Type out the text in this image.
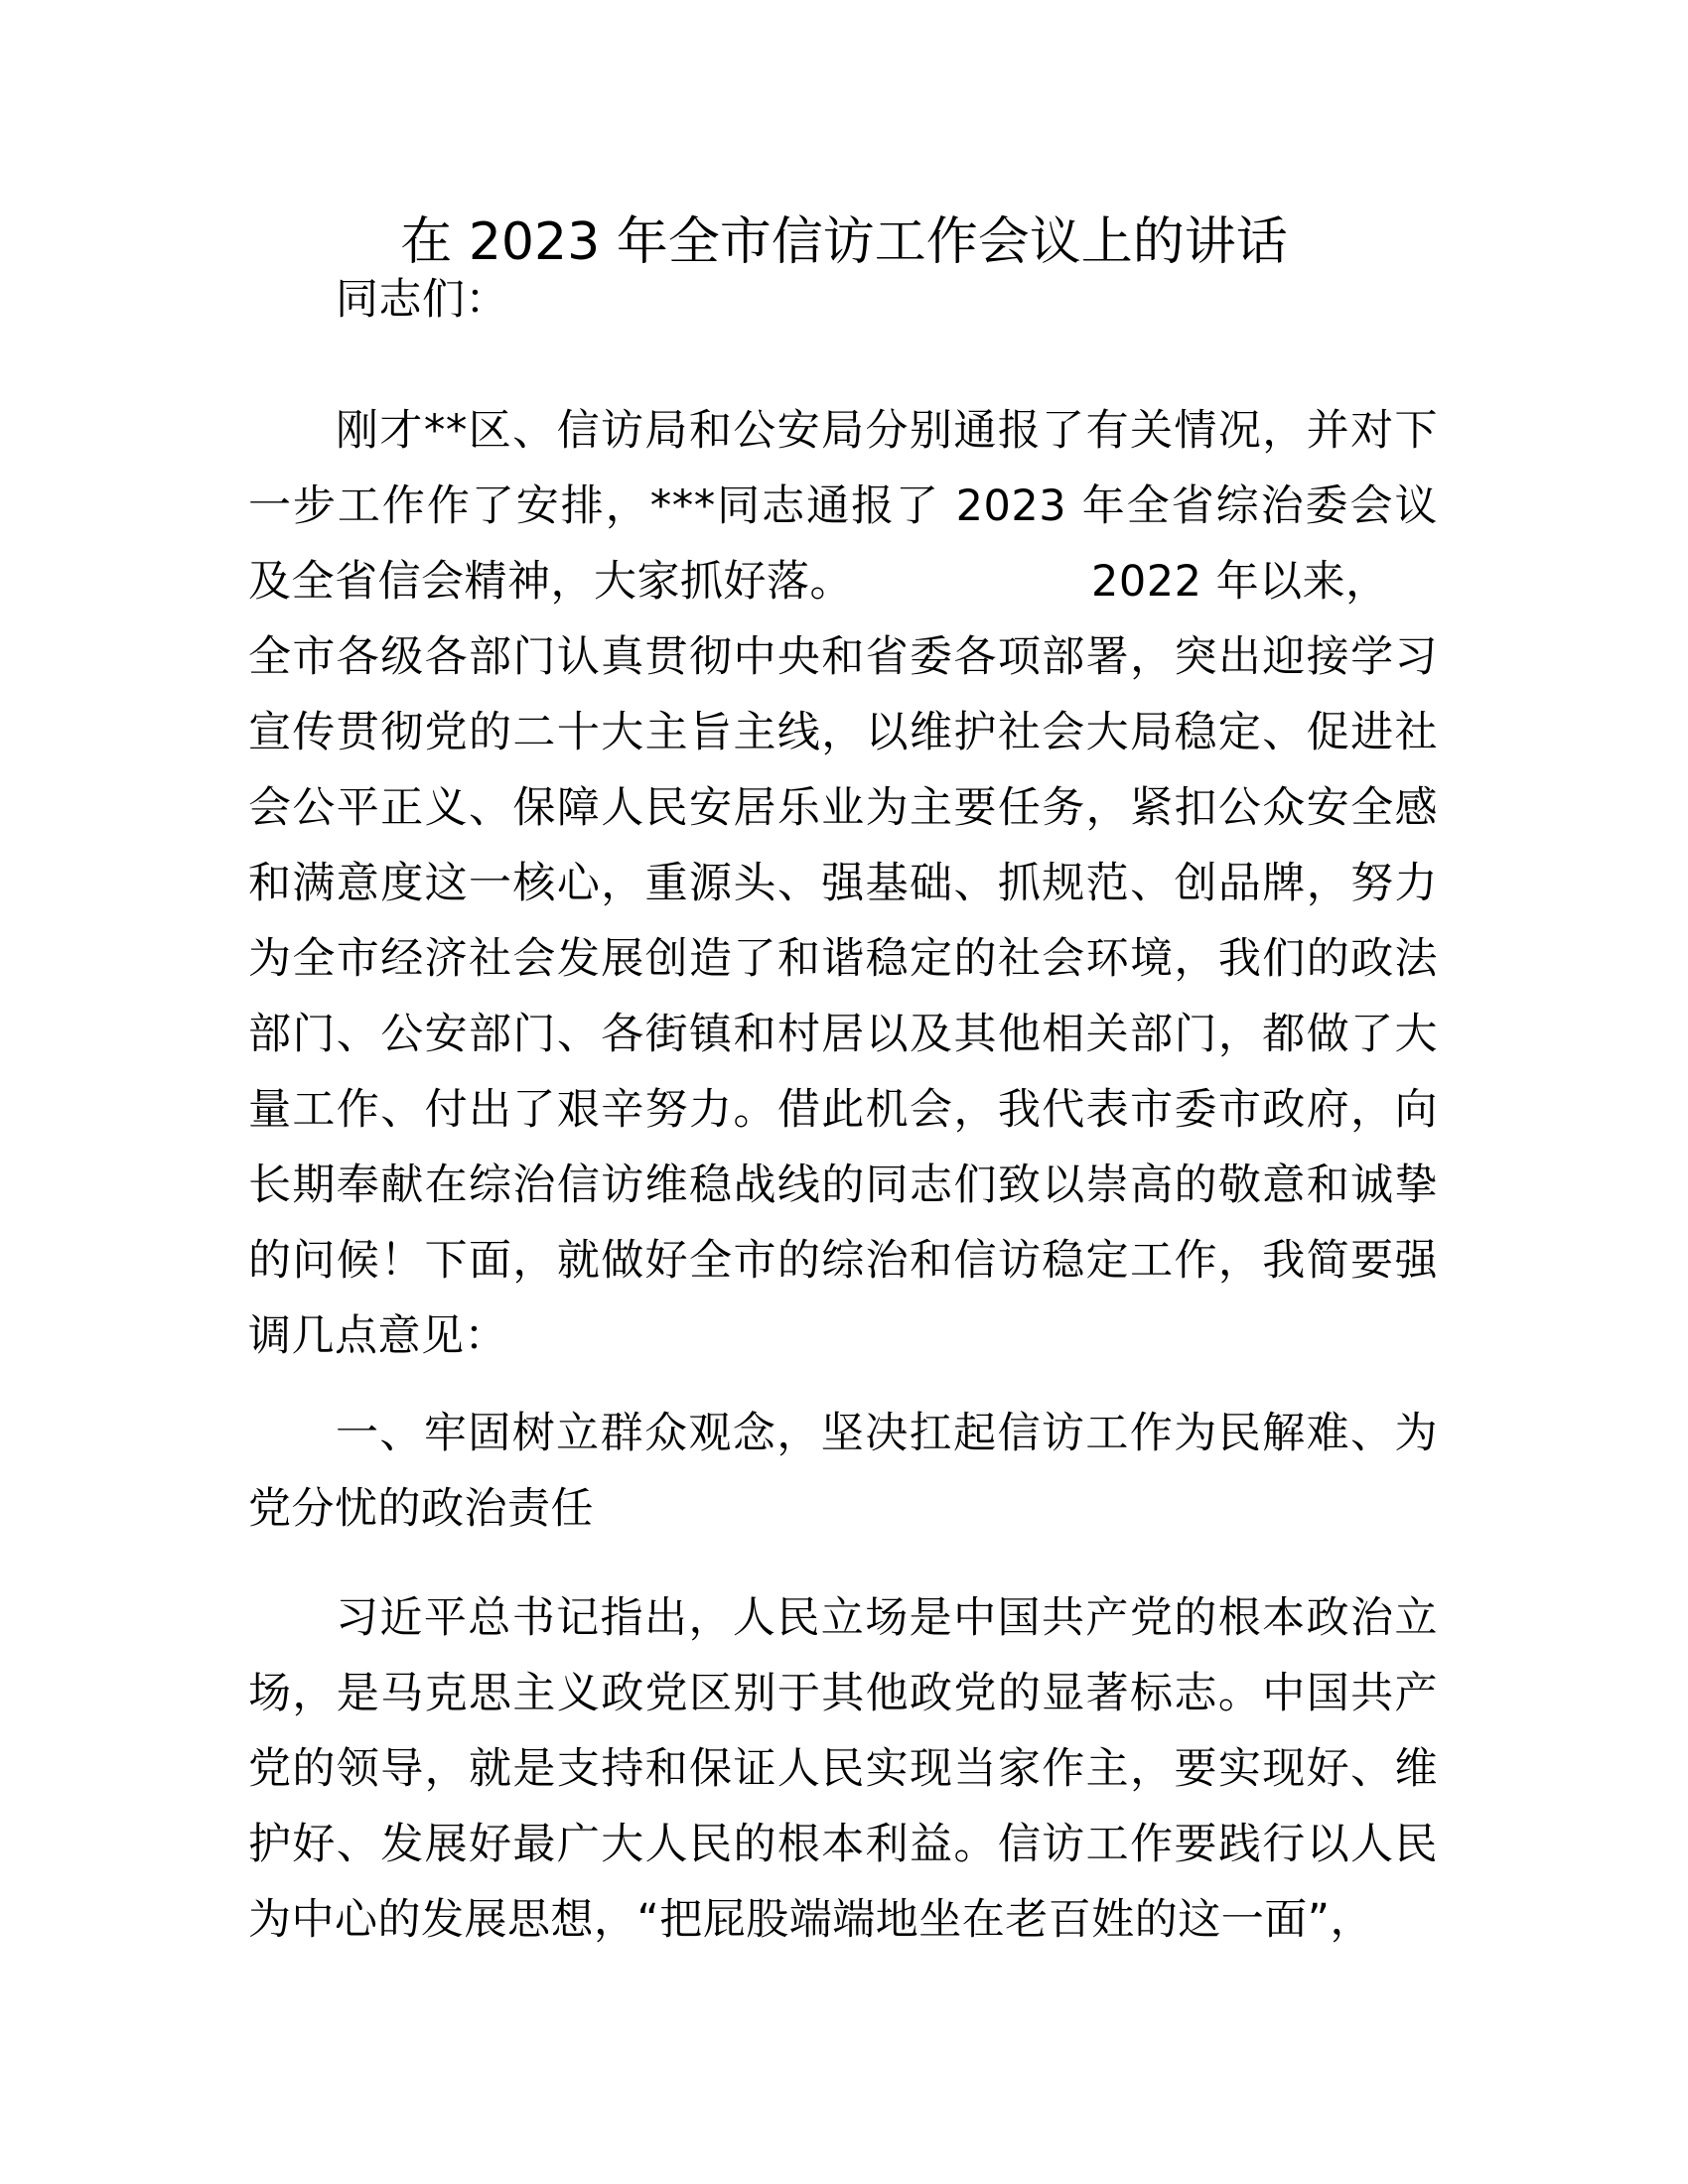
在 2023 年全市信访工作会议上的讲话
同志们：
刚才**区、信访局和公安局分别通报了有关情况，并对下
一步工作作了安排，***同志通报了 2023 年全省综治委会议
及全省信会精神，大家抓好落。	2022 年以来，
全市各级各部门认真贯彻中央和省委各项部署，突出迎接学习
宣传贯彻党的二十大主旨主线，以维护社会大局稳定、促进社
会公平正义、保障人民安居乐业为主要任务，紧扣公众安全感
和满意度这一核心，重源头、强基础、抓规范、创品牌，努力
为全市经济社会发展创造了和谐稳定的社会环境，我们的政法
部门、公安部门、各街镇和村居以及其他相关部门，都做了大
量工作、付出了艰辛努力。借此机会，我代表市委市政府，向
长期奉献在综治信访维稳战线的同志们致以崇高的敬意和诚挚
的问候！下面，就做好全市的综治和信访稳定工作，我简要强
调几点意见：
一、牢固树立群众观念，坚决扛起信访工作为民解难、为
党分忧的政治责任
习近平总书记指出，人民立场是中国共产党的根本政治立
场，是马克思主义政党区别于其他政党的显著标志。中国共产
党的领导，就是支持和保证人民实现当家作主，要实现好、维
护好、发展好最广大人民的根本利益。信访工作要践行以人民
为中心的发展思想，“把屁股端端地坐在老百姓的这一面”，
